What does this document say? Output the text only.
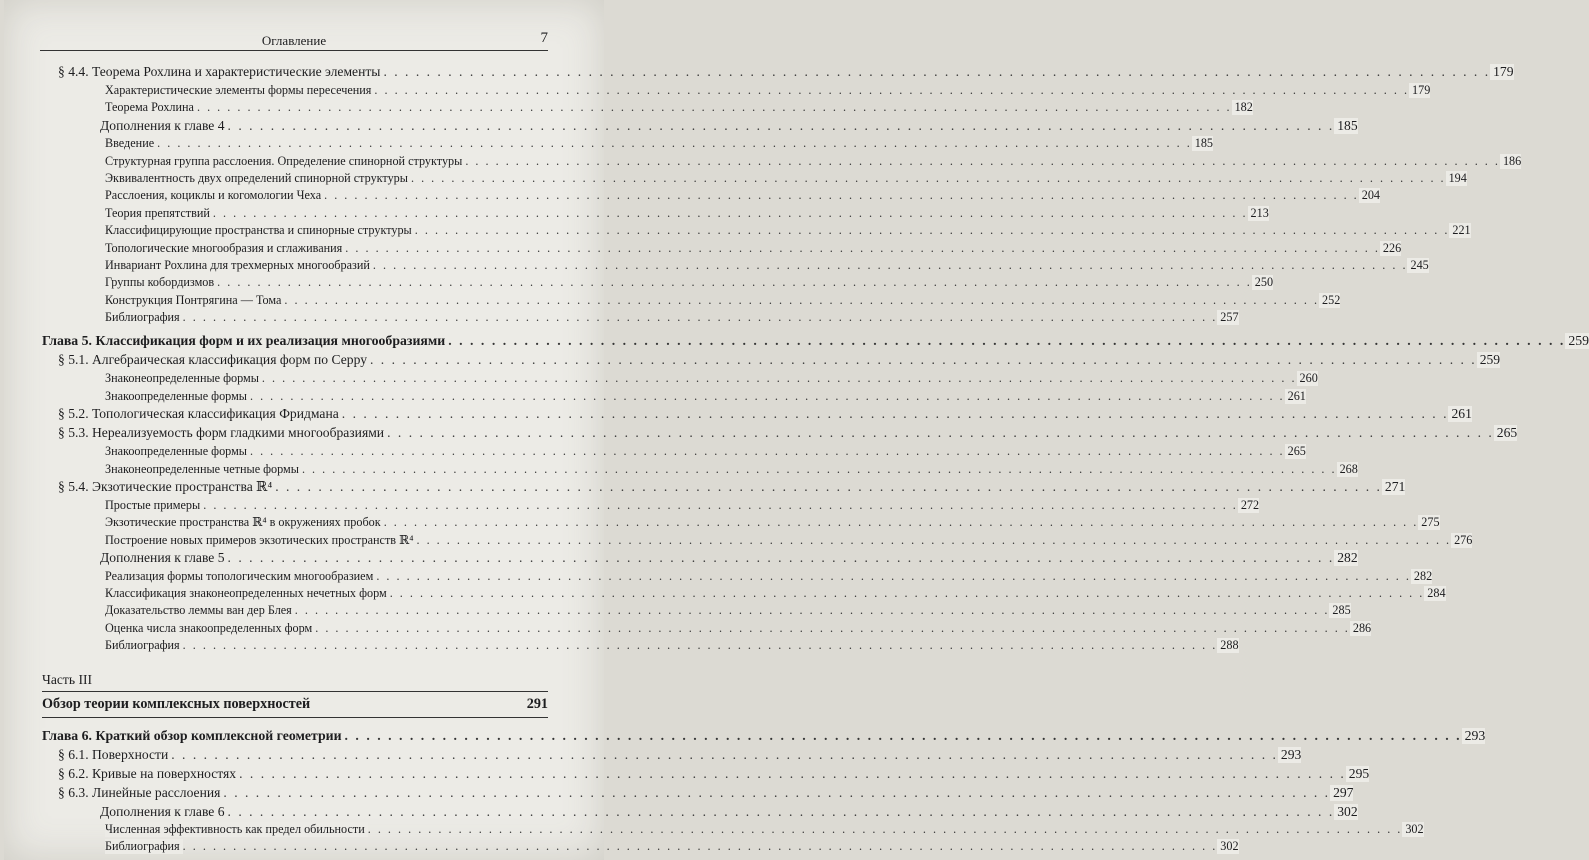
Оглавление	7
§ 4.4. Теорема Рохлина и характеристические элементы . . .	179
Характеристические элементы формы пересечения . . .	179
Теорема Рохлина . . .	182
Дополнения к главе 4 . . .	185
Введение . . .	185
Структурная группа расслоения. Определение спинорной структуры . . .	186
Эквивалентность двух определений спинорной структуры . . .	194
Расслоения, коциклы и когомологии Чеха . . .	204
Теория препятствий . . .	213
Классифицирующие пространства и спинорные структуры . . .	221
Топологические многообразия и сглаживания . . .	226
Инвариант Рохлина для трехмерных многообразий . . .	245
Группы кобордизмов . . .	250
Конструкция Понтрягина — Тома . . .	252
Библиография . . .	257
Глава 5. Классификация форм и их реализация многообразиями . . .	259
§ 5.1. Алгебраическая классификация форм по Серру . . .	259
Знаконеопределенные формы . . .	260
Знакоопределенные формы . . .	261
§ 5.2. Топологическая классификация Фридмана . . .	261
§ 5.3. Нереализуемость форм гладкими многообразиями . . .	265
Знакоопределенные формы . . .	265
Знаконеопределенные четные формы . . .	268
§ 5.4. Экзотические пространства ℝ⁴ . . .	271
Простые примеры . . .	272
Экзотические пространства ℝ⁴ в окружениях пробок . . .	275
Построение новых примеров экзотических пространств ℝ⁴ . . .	276
Дополнения к главе 5 . . .	282
Реализация формы топологическим многообразием . . .	282
Классификация знаконеопределенных нечетных форм . . .	284
Доказательство леммы ван дер Блея . . .	285
Оценка числа знакоопределенных форм . . .	286
Библиография . . .	288
Часть III
Обзор теории комплексных поверхностей	291
Глава 6. Краткий обзор комплексной геометрии . . .	293
§ 6.1. Поверхности . . .	293
§ 6.2. Кривые на поверхностях . . .	295
§ 6.3. Линейные расслоения . . .	297
Дополнения к главе 6 . . .	302
Численная эффективность как предел обильности . . .	302
Библиография . . .	302
